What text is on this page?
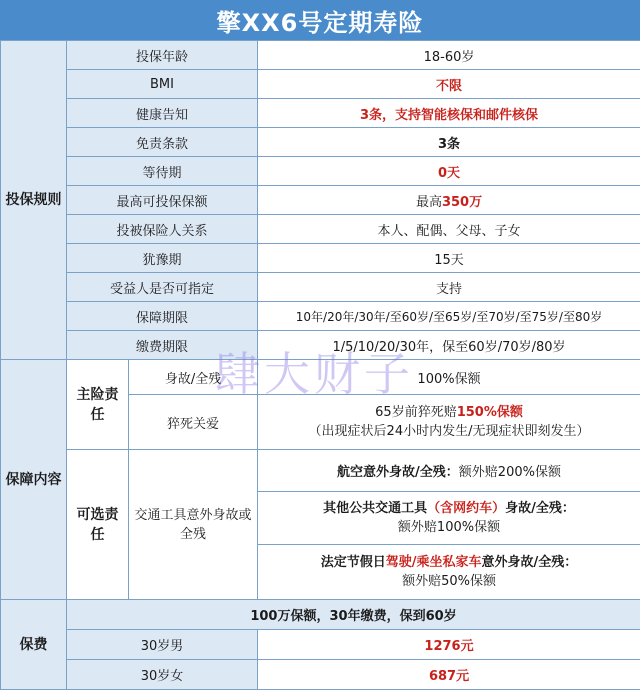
擎XX6号定期寿险
投保规则	投保年龄		18-60岁
	BMI		不限
	健康告知		3条，支持智能核保和邮件核保
	免责条款		3条
	等待期		0天
	最高可投保保额		最高350万
	投被保险人关系		本人、配偶、父母、子女
	犹豫期		15天
	受益人是否可指定		支持
	保障期限		10年/20年/30年/至60岁/至65岁/至70岁/至75岁/至80岁
	缴费期限		1/5/10/20/30年，保至60岁/70岁/80岁
保障内容	主险责任	身故/全残	100%保额
		猝死关爱	65岁前猝死赔150%保额
（出现症状后24小时内发生/无现症状即刻发生）

	可选责任	交通工具意外身故或全残	航空意外身故/全残：额外赔200%保额

			其他公共交通工具（含网约车）身故/全残：
额外赔100%保额

			法定节假日驾驶/乘坐私家车意外身故/全残：
额外赔50%保额

保费	100万保额，30年缴费，保到60岁		
	30岁男		1276元
	30岁女		687元
肆大财子
